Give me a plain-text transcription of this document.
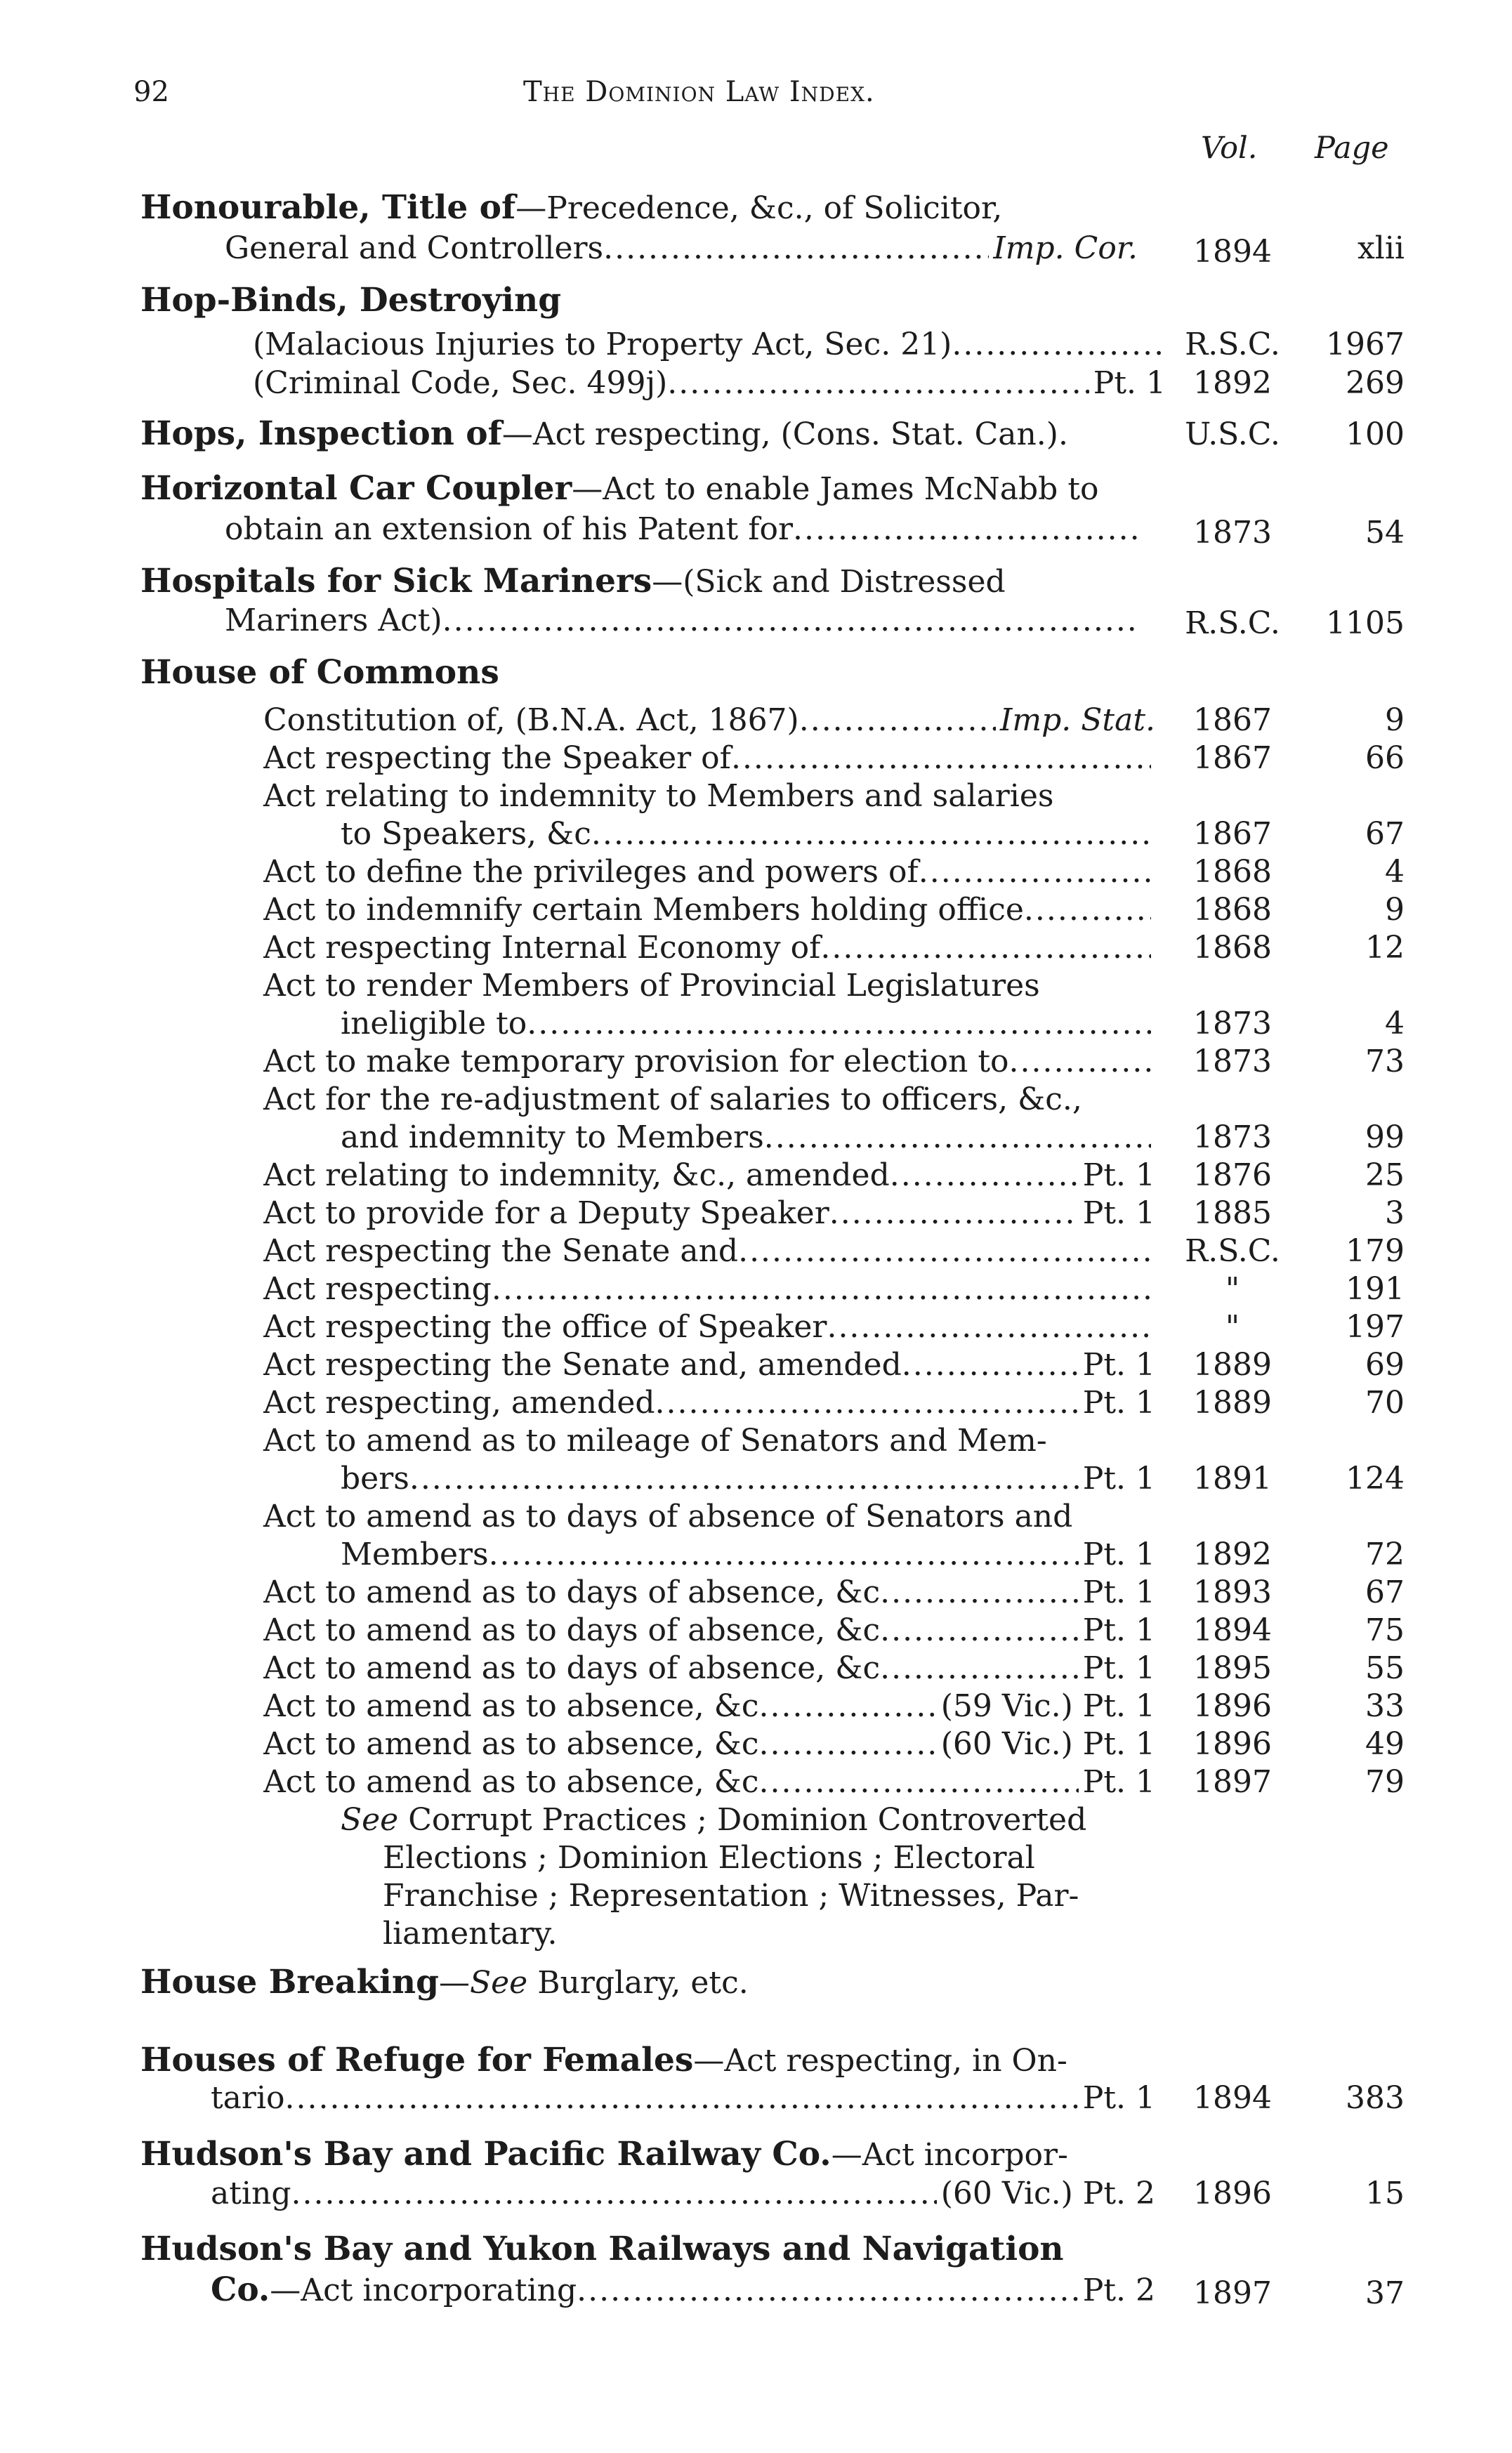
92	The Dominion Law Index.
Vol. Page
Honourable, Title of—Precedence, &c., of Solicitor,
General and Controllers .....	Imp. Cor.	1894	xlii
Hop-Binds, Destroying
(Malacious Injuries to Property Act, Sec. 21) .....	R.S.C.	1967
(Criminal Code, Sec. 499j) .....	Pt. 1 1892	269
Hops, Inspection of—Act respecting, (Cons. Stat. Can.).	U.S.C.	100
Horizontal Car Coupler—Act to enable James McNabb to
obtain an extension of his Patent for .....	1873	54
Hospitals for Sick Mariners—(Sick and Distressed
Mariners Act) .....	R.S.C.	1105
House of Commons
Constitution of, (B.N.A. Act, 1867) .....	Imp. Stat.	1867	9
Act respecting the Speaker of .....	1867	66
Act relating to indemnity to Members and salaries
to Speakers, &c .....	1867	67
Act to define the privileges and powers of .....	1868	4
Act to indemnify certain Members holding office .....	1868	9
Act respecting Internal Economy of .....	1868	12
Act to render Members of Provincial Legislatures
ineligible to .....	1873	4
Act to make temporary provision for election to .....	1873	73
Act for the re-adjustment of salaries to officers, &c.,
and indemnity to Members .....	1873	99
Act relating to indemnity, &c., amended .....	Pt. 1	1876	25
Act to provide for a Deputy Speaker .....	Pt. 1	1885	3
Act respecting the Senate and .....	R.S.C.	179
Act respecting .....	"	191
Act respecting the office of Speaker .....	"	197
Act respecting the Senate and, amended .....	Pt. 1	1889	69
Act respecting, amended .....	Pt. 1	1889	70
Act to amend as to mileage of Senators and Mem-
bers .....	Pt. 1	1891	124
Act to amend as to days of absence of Senators and
Members .....	Pt. 1	1892	72
Act to amend as to days of absence, &c .....	Pt. 1	1893	67
Act to amend as to days of absence, &c .....	Pt. 1	1894	75
Act to amend as to days of absence, &c .....	Pt. 1	1895	55
Act to amend as to absence, &c .....	(59 Vic.) Pt. 1	1896	33
Act to amend as to absence, &c .....	(60 Vic.) Pt. 1	1896	49
Act to amend as to absence, &c .....	Pt. 1	1897	79
See Corrupt Practices ; Dominion Controverted
Elections ; Dominion Elections ; Electoral
Franchise ; Representation ; Witnesses, Par-
liamentary.
House Breaking—See Burglary, etc.
Houses of Refuge for Females—Act respecting, in On-
tario .....	Pt. 1	1894	383
Hudson's Bay and Pacific Railway Co.—Act incorpor-
ating .....	(60 Vic.) Pt. 2	1896	15
Hudson's Bay and Yukon Railways and Navigation
Co. —Act incorporating .....	Pt. 2	1897	37
